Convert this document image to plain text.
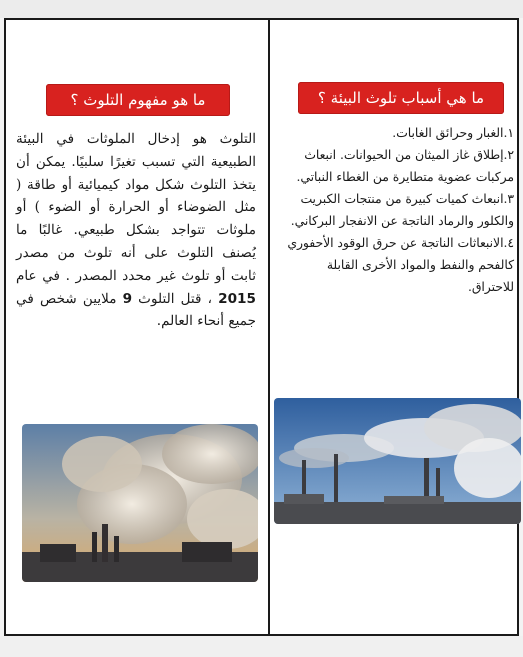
ما هو مفهوم التلوث ؟
التلوث هو إدخال الملوثات في البيئة الطبيعية التي تسبب تغيرًا سلبيًا. يمكن أن يتخذ التلوث شكل مواد كيميائية أو طاقة ( مثل الضوضاء أو الحرارة أو الضوء ) أو ملوثات تتواجد بشكل طبيعي. غالبًا ما يُصنف التلوث على أنه تلوث من مصدر ثابت أو تلوث غير محدد المصدر . في عام 2015 ، قتل التلوث 9 ملايين شخص في جميع أنحاء العالم.
ما هي أسباب تلوث البيئة ؟

١.الغبار وحرائق الغابات.

٢.إطلاق غاز الميثان من الحيوانات. انبعاث مركبات عضوية متطايرة من الغطاء النباتي.

٣.انبعاث كميات كبيرة من منتجات الكبريت والكلور والرماد الناتجة عن الانفجار البركاني.

٤.الانبعاثات الناتجة عن حرق الوقود الأحفوري كالفحم والنفط والمواد الأخرى القابلة للاحتراق.
